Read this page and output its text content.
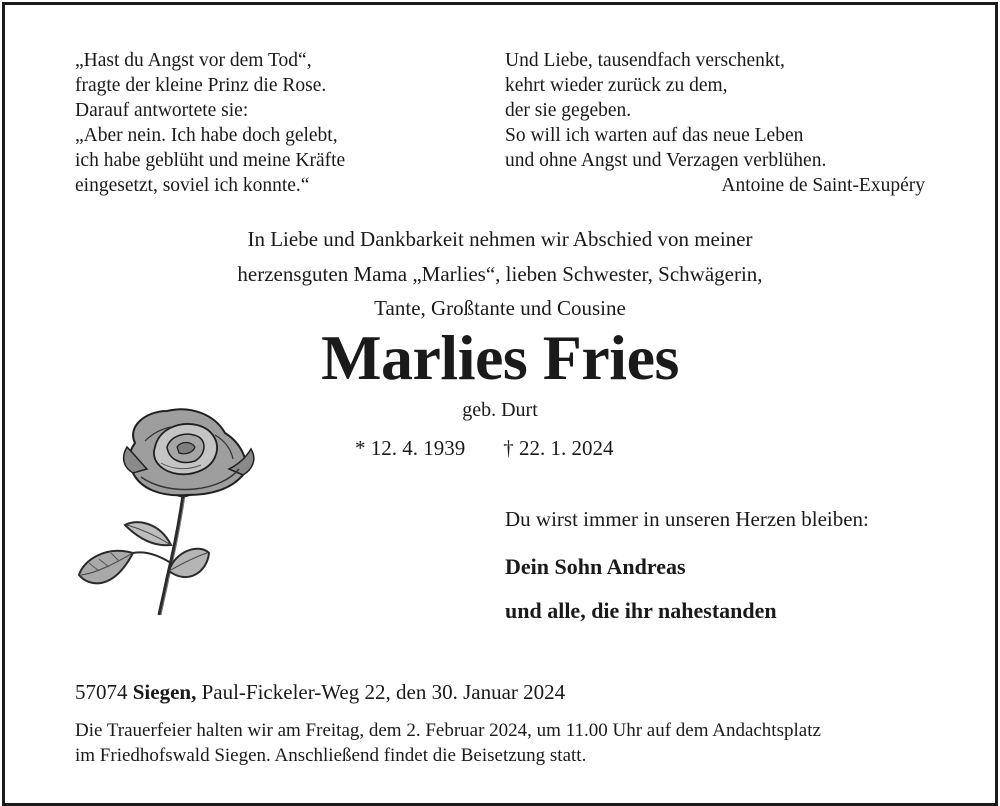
„Hast du Angst vor dem Tod“,
fragte der kleine Prinz die Rose.
Darauf antwortete sie:
„Aber nein. Ich habe doch gelebt,
ich habe geblüht und meine Kräfte
eingesetzt, soviel ich konnte.“
Und Liebe, tausendfach verschenkt,
kehrt wieder zurück zu dem,
der sie gegeben.
So will ich warten auf das neue Leben
und ohne Angst und Verzagen verblühen.
Antoine de Saint-Exupéry
In Liebe und Dankbarkeit nehmen wir Abschied von meiner
herzensguten Mama „Marlies“, lieben Schwester, Schwägerin,
Tante, Großtante und Cousine
Marlies Fries
geb. Durt
* 12. 4. 1939 † 22. 1. 2024
Du wirst immer in unseren Herzen bleiben:
Dein Sohn Andreas
und alle, die ihr nahestanden
57074 Siegen, Paul-Fickeler-Weg 22, den 30. Januar 2024
Die Trauerfeier halten wir am Freitag, dem 2. Februar 2024, um 11.00 Uhr auf dem Andachtsplatz
im Friedhofswald Siegen. Anschließend findet die Beisetzung statt.
